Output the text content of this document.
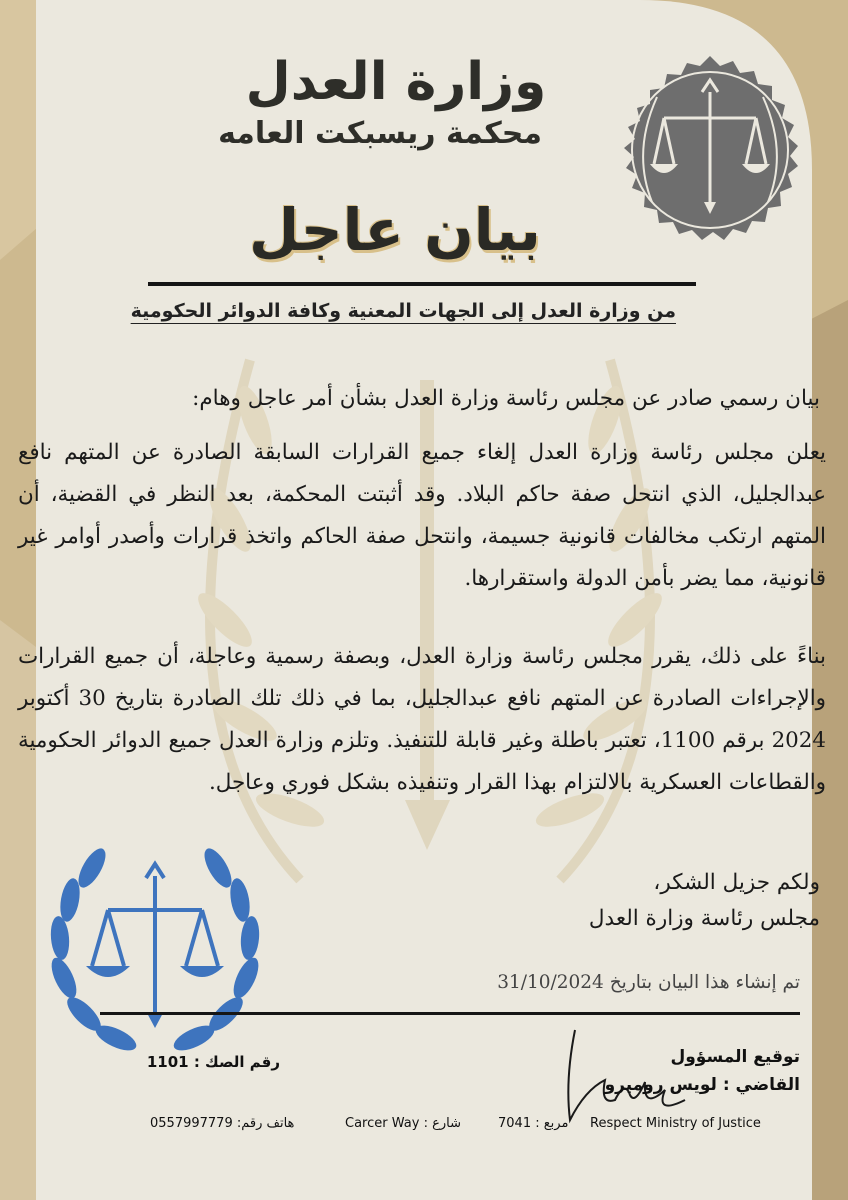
وزارة العدل
محكمة ريسبكت العامه
بيان عاجل
من وزارة العدل إلى الجهات المعنية وكافة الدوائر الحكومية
بيان رسمي صادر عن مجلس رئاسة وزارة العدل بشأن أمر عاجل وهام:
يعلن مجلس رئاسة وزارة العدل إلغاء جميع القرارات السابقة الصادرة عن المتهم نافع عبدالجليل، الذي انتحل صفة حاكم البلاد. وقد أثبتت المحكمة، بعد النظر في القضية، أن المتهم ارتكب مخالفات قانونية جسيمة، وانتحل صفة الحاكم واتخذ قرارات وأصدر أوامر غير قانونية، مما يضر بأمن الدولة واستقرارها.
بناءً على ذلك، يقرر مجلس رئاسة وزارة العدل، وبصفة رسمية وعاجلة، أن جميع القرارات والإجراءات الصادرة عن المتهم نافع عبدالجليل، بما في ذلك تلك الصادرة بتاريخ 30 أكتوبر 2024 برقم 1100، تعتبر باطلة وغير قابلة للتنفيذ. وتلزم وزارة العدل جميع الدوائر الحكومية والقطاعات العسكرية بالالتزام بهذا القرار وتنفيذه بشكل فوري وعاجل.
ولكم جزيل الشكر،
مجلس رئاسة وزارة العدل
تم إنشاء هذا البيان بتاريخ 31/10/2024
توقيع المسؤول
القاضي : لويس روميرو
رقم الصك : 1101
Respect Ministry of Justice
مربع : 7041
شارع : Carcer Way
هاتف رقم: 0557997779
